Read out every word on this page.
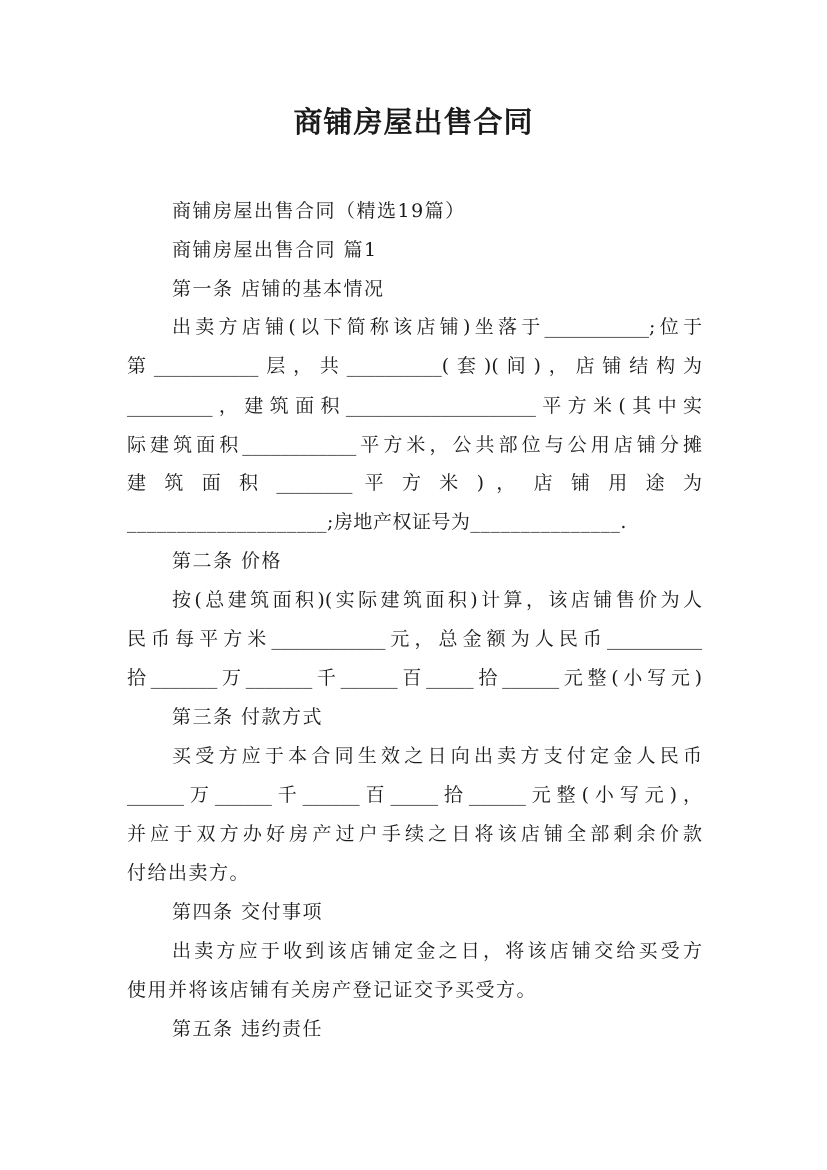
商铺房屋出售合同
商铺房屋出售合同（精选19篇）
商铺房屋出售合同 篇1
第一条 店铺的基本情况
出卖方店铺(以下简称该店铺)坐落于___________;位于
第___________层，共__________(套)(间)，店铺结构为
_________，建筑面积____________________平方米(其中实
际建筑面积____________平方米，公共部位与公用店铺分摊
建 筑 面 积 ________ 平 方 米 ) ， 店 铺 用 途 为
____________________;房地产权证号为_______________.
第二条 价格
按(总建筑面积)(实际建筑面积)计算，该店铺售价为人
民币每平方米____________元，总金额为人民币__________
拾_______万_______千______百_____拾______元整(小写元)
第三条 付款方式
买受方应于本合同生效之日向出卖方支付定金人民币
______万______千______百_____拾______元整(小写元)，
并应于双方办好房产过户手续之日将该店铺全部剩余价款
付给出卖方。
第四条 交付事项
出卖方应于收到该店铺定金之日，将该店铺交给买受方
使用并将该店铺有关房产登记证交予买受方。
第五条 违约责任
